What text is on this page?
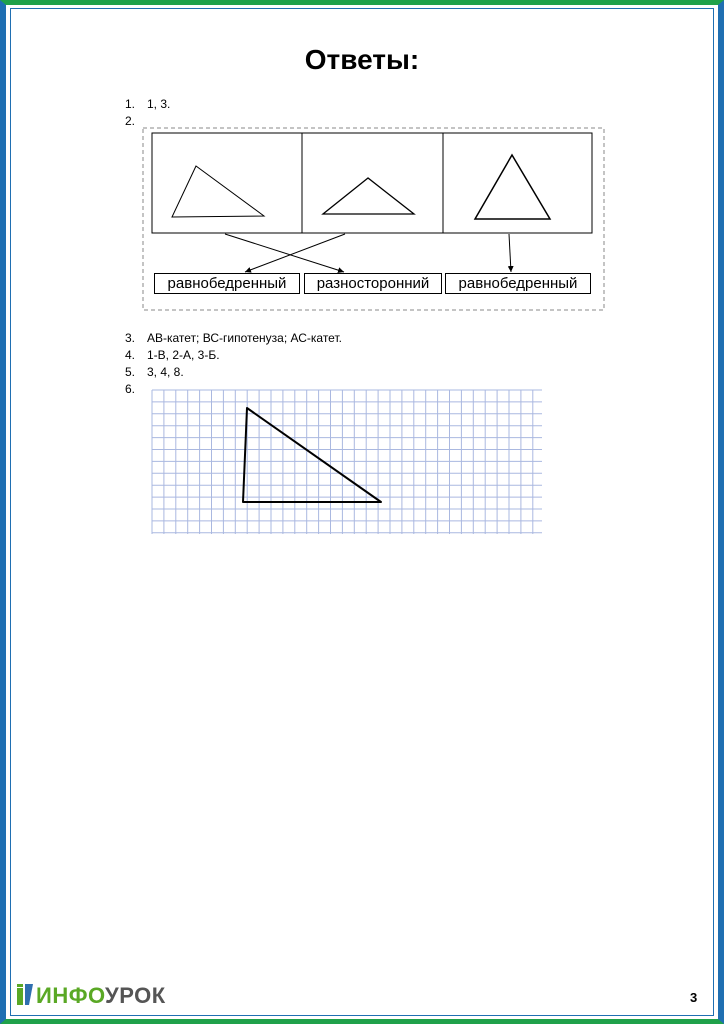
Ответы:
1. 1, 3.
2.
равнобедренный	разносторонний	равнобедренный
3. АВ-катет; ВС-гипотенуза; АС-катет.
4. 1-В, 2-А, 3-Б.
5. 3, 4, 8.
6.
ИНФОУРОК	3
